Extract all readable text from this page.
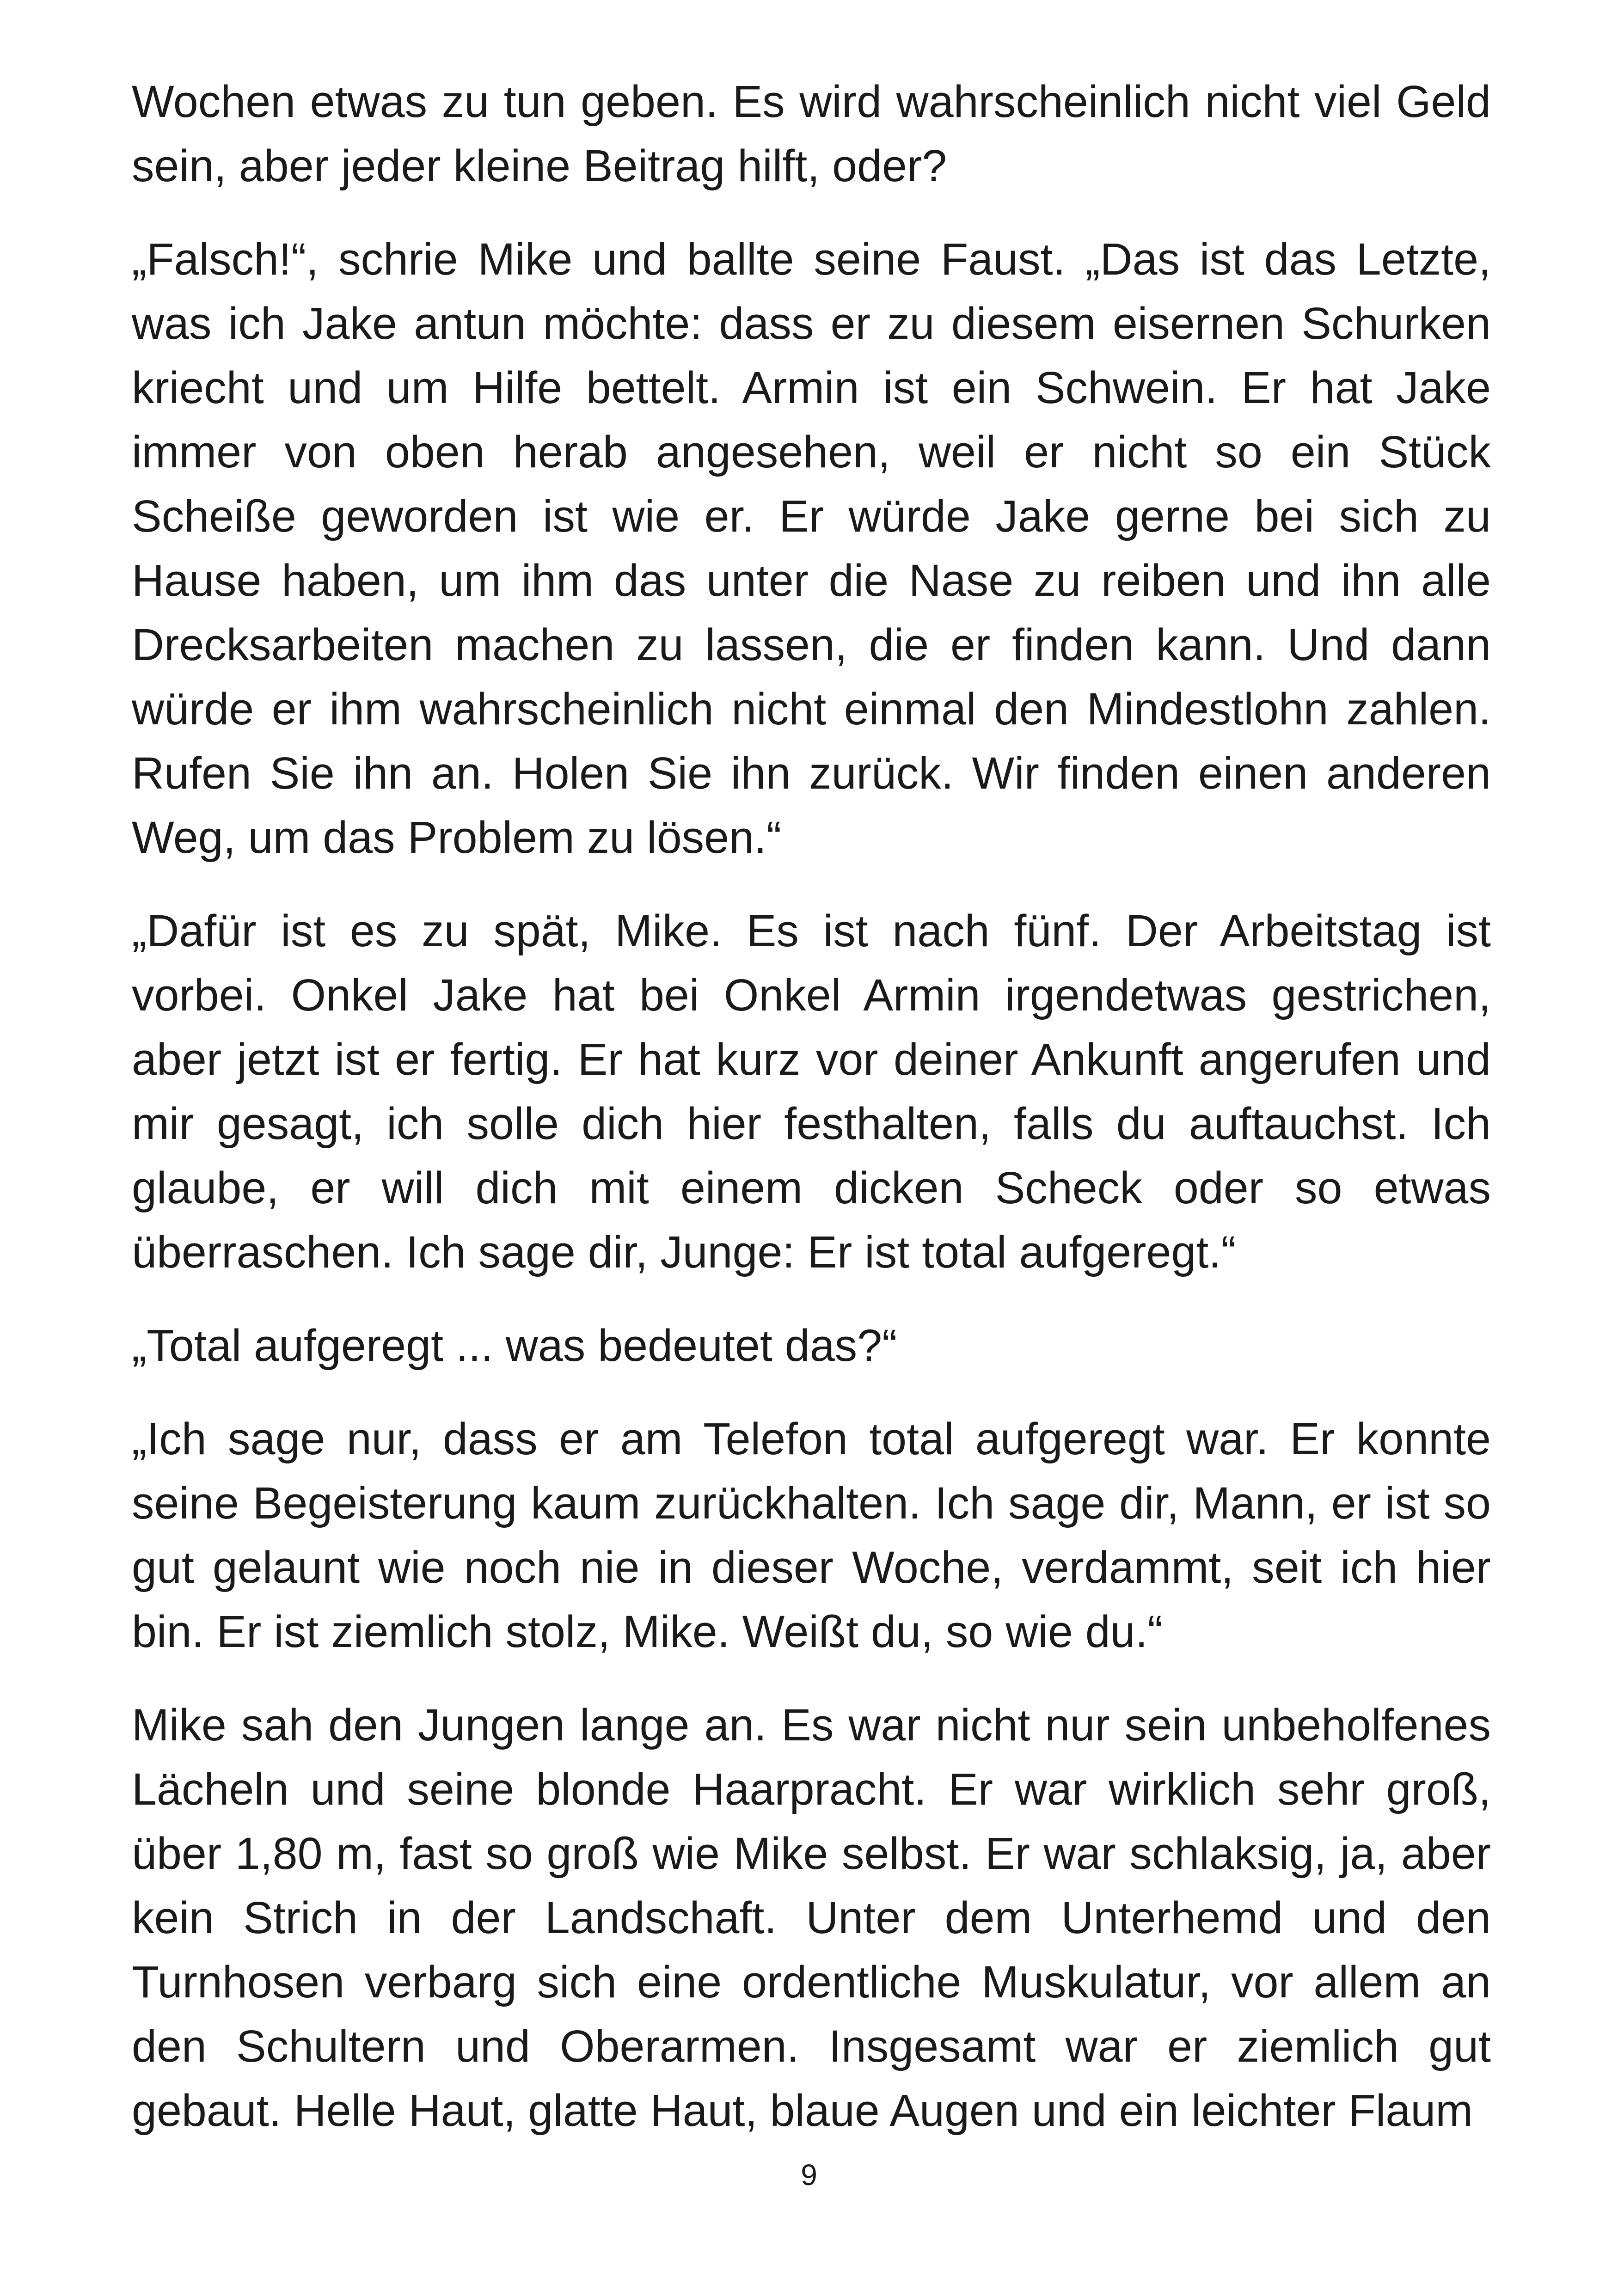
Wochen etwas zu tun geben. Es wird wahrscheinlich nicht viel Geld sein, aber jeder kleine Beitrag hilft, oder?

„Falsch!“, schrie Mike und ballte seine Faust. „Das ist das Letzte, was ich Jake antun möchte: dass er zu diesem eisernen Schurken kriecht und um Hilfe bettelt. Armin ist ein Schwein. Er hat Jake immer von oben herab angesehen, weil er nicht so ein Stück Scheiße geworden ist wie er. Er würde Jake gerne bei sich zu Hause haben, um ihm das unter die Nase zu reiben und ihn alle Drecksarbeiten machen zu lassen, die er finden kann. Und dann würde er ihm wahrscheinlich nicht einmal den Mindestlohn zahlen. Rufen Sie ihn an. Holen Sie ihn zurück. Wir finden einen anderen Weg, um das Problem zu lösen.“

„Dafür ist es zu spät, Mike. Es ist nach fünf. Der Arbeitstag ist vorbei. Onkel Jake hat bei Onkel Armin irgendetwas gestrichen, aber jetzt ist er fertig. Er hat kurz vor deiner Ankunft angerufen und mir gesagt, ich solle dich hier festhalten, falls du auftauchst. Ich glaube, er will dich mit einem dicken Scheck oder so etwas überraschen. Ich sage dir, Junge: Er ist total aufgeregt.“

„Total aufgeregt ... was bedeutet das?“

„Ich sage nur, dass er am Telefon total aufgeregt war. Er konnte seine Begeisterung kaum zurückhalten. Ich sage dir, Mann, er ist so gut gelaunt wie noch nie in dieser Woche, verdammt, seit ich hier bin. Er ist ziemlich stolz, Mike. Weißt du, so wie du.“

Mike sah den Jungen lange an. Es war nicht nur sein unbeholfenes Lächeln und seine blonde Haarpracht. Er war wirklich sehr groß, über 1,80 m, fast so groß wie Mike selbst. Er war schlaksig, ja, aber kein Strich in der Landschaft. Unter dem Unterhemd und den Turnhosen verbarg sich eine ordentliche Muskulatur, vor allem an den Schultern und Oberarmen. Insgesamt war er ziemlich gut gebaut. Helle Haut, glatte Haut, blaue Augen und ein leichter Flaum

9
